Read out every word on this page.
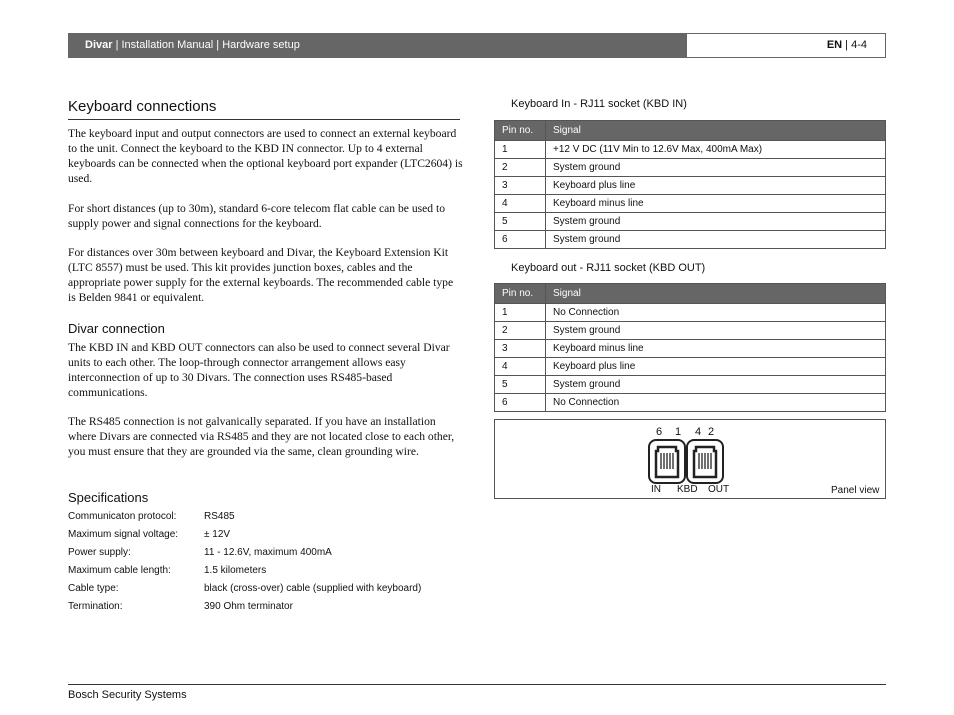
Divar | Installation Manual | Hardware setup	EN | 4-4
Keyboard connections
The keyboard input and output connectors are used to connect an external keyboard to the unit. Connect the keyboard to the KBD IN connector. Up to 4 external keyboards can be connected when the optional keyboard port expander (LTC2604) is used.
For short distances (up to 30m), standard 6-core telecom flat cable can be used to supply power and signal connections for the keyboard.
For distances over 30m between keyboard and Divar, the Keyboard Extension Kit (LTC 8557) must be used. This kit provides junction boxes, cables and the appropriate power supply for the external keyboards. The recommended cable type is Belden 9841 or equivalent.
Divar connection
The KBD IN and KBD OUT connectors can also be used to connect several Divar units to each other. The loop-through connector arrangement allows easy interconnection of up to 30 Divars. The connection uses RS485-based communications.
The RS485 connection is not galvanically separated. If you have an installation where Divars are connected via RS485 and they are not located close to each other, you must ensure that they are grounded via the same, clean grounding wire.
Specifications
Communicaton protocol:	RS485
Maximum signal voltage:	± 12V
Power supply:	11 - 12.6V, maximum 400mA
Maximum cable length:	1.5 kilometers
Cable type:	black (cross-over) cable (supplied with keyboard)
Termination:	390 Ohm terminator
Keyboard In - RJ11 socket (KBD IN)
Pin no.	Signal
1	+12 V DC (11V Min to 12.6V Max, 400mA Max)
2	System ground
3	Keyboard plus line
4	Keyboard minus line
5	System ground
6	System ground
Keyboard out - RJ11 socket (KBD OUT)
Pin no.	Signal
1	No Connection
2	System ground
3	Keyboard minus line
4	Keyboard plus line
5	System ground
6	No Connection
6 1 4 2
IN KBD OUT	Panel view
Bosch Security Systems
